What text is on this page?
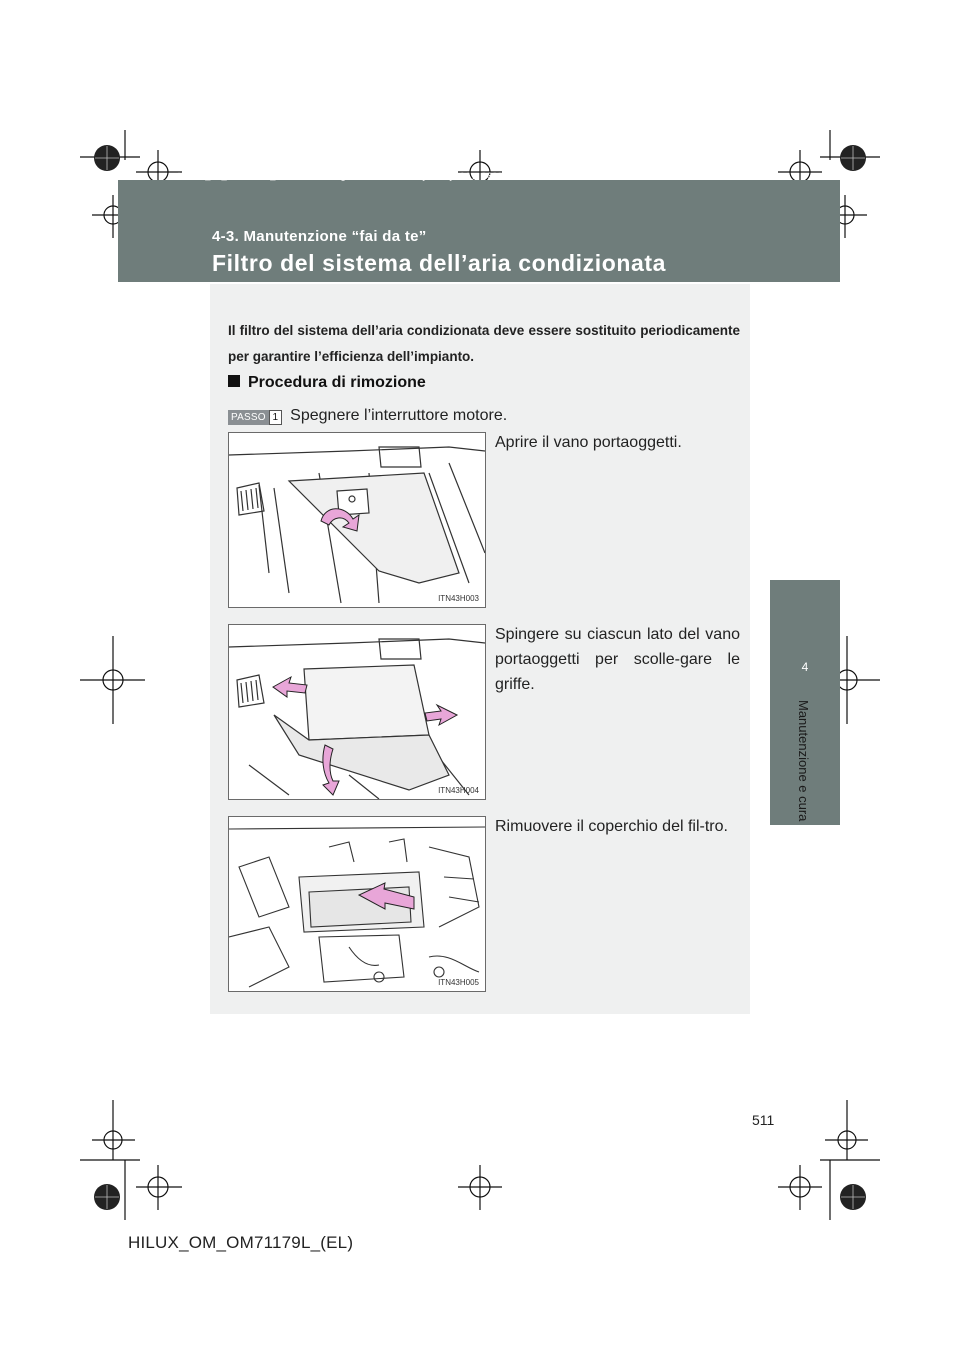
HILUX_OM_OM71179L_(EL).book Page 511 Wednesday, May 16, 2012 11:37 AM
4-3. Manutenzione “fai da te”
Filtro del sistema dell’aria condizionata
4
Manutenzione e cura
Il filtro del sistema dell’aria condizionata deve essere sostituito periodicamente per garantire l’efficienza dell’impianto.
Procedura di rimozione
PASSO 1 Spegnere l’interruttore motore.
Aprire il vano portaoggetti.
ITN43H003
Spingere su ciascun lato del vano portaoggetti per scolle-gare le griffe.
ITN43H004
Rimuovere il coperchio del fil-tro.
ITN43H005
511
HILUX_OM_OM71179L_(EL)
